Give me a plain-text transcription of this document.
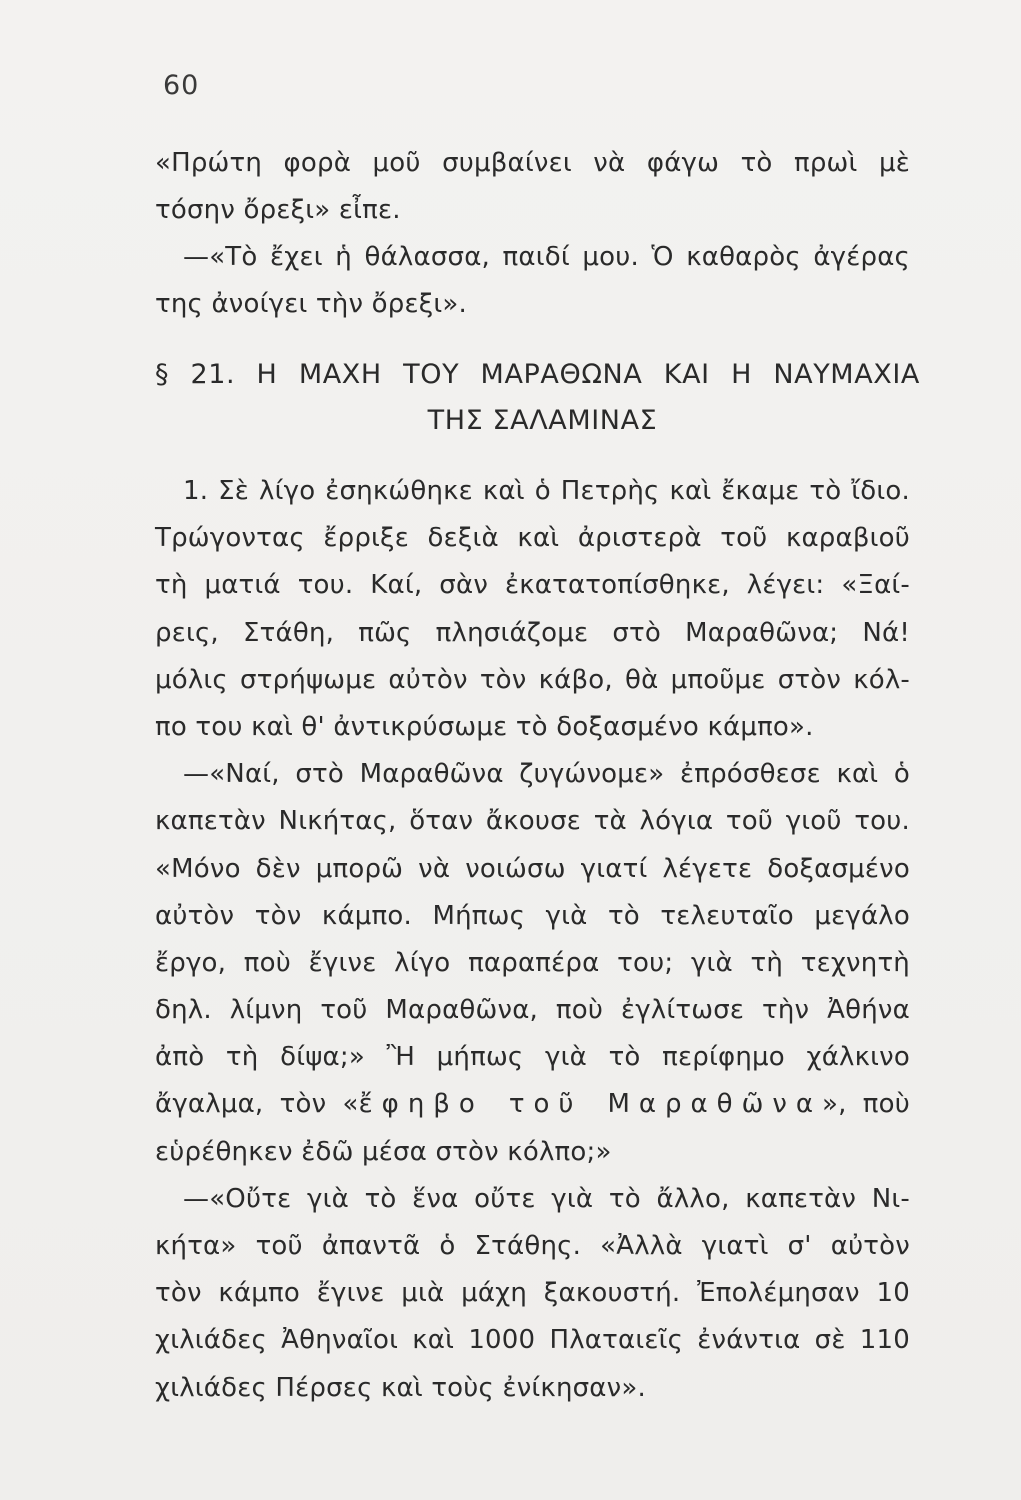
60
«Πρώτη φορὰ μοῦ συμβαίνει νὰ φάγω τὸ πρωὶ μὲ
τόσην ὄρεξι» εἶπε.
—«Τὸ ἔχει ἡ θάλασσα, παιδί μου. Ὁ καθαρὸς ἀγέρας
της ἀνοίγει τὴν ὄρεξι».
§ 21. Η ΜΑΧΗ ΤΟΥ ΜΑΡΑΘΩΝΑ ΚΑΙ Η ΝΑΥΜΑΧΙΑ
ΤΗΣ ΣΑΛΑΜΙΝΑΣ
1. Σὲ λίγο ἐσηκώθηκε καὶ ὁ Πετρὴς καὶ ἔκαμε τὸ ἴδιο.
Τρώγοντας ἔρριξε δεξιὰ καὶ ἀριστερὰ τοῦ καραβιοῦ
τὴ ματιά του. Καί, σὰν ἐκατατοπίσθηκε, λέγει: «Ξαί-
ρεις, Στάθη, πῶς πλησιάζομε στὸ Μαραθῶνα; Νά!
μόλις στρήψωμε αὐτὸν τὸν κάβο, θὰ μποῦμε στὸν κόλ-
πο του καὶ θ' ἀντικρύσωμε τὸ δοξασμένο κάμπο».
—«Ναί, στὸ Μαραθῶνα ζυγώνομε» ἐπρόσθεσε καὶ ὁ
καπετὰν Νικήτας, ὅταν ἄκουσε τὰ λόγια τοῦ γιοῦ του.
«Μόνο δὲν μπορῶ νὰ νοιώσω γιατί λέγετε δοξασμένο
αὐτὸν τὸν κάμπο. Μήπως γιὰ τὸ τελευταῖο μεγάλο
ἔργο, ποὺ ἔγινε λίγο παραπέρα του; γιὰ τὴ τεχνητὴ
δηλ. λίμνη τοῦ Μαραθῶνα, ποὺ ἐγλίτωσε τὴν Ἀθήνα
ἀπὸ τὴ δίψα;» Ἢ μήπως γιὰ τὸ περίφημο χάλκινο
ἄγαλμα, τὸν «ἔφηβο τοῦ Μαραθῶνα», ποὺ
εὑρέθηκεν ἐδῶ μέσα στὸν κόλπο;»
—«Οὔτε γιὰ τὸ ἕνα οὔτε γιὰ τὸ ἄλλο, καπετὰν Νι-
κήτα» τοῦ ἀπαντᾶ ὁ Στάθης. «Ἀλλὰ γιατὶ σ' αὐτὸν
τὸν κάμπο ἔγινε μιὰ μάχη ξακουστή. Ἐπολέμησαν 10
χιλιάδες Ἀθηναῖοι καὶ 1000 Πλαταιεῖς ἐνάντια σὲ 110
χιλιάδες Πέρσες καὶ τοὺς ἐνίκησαν».
